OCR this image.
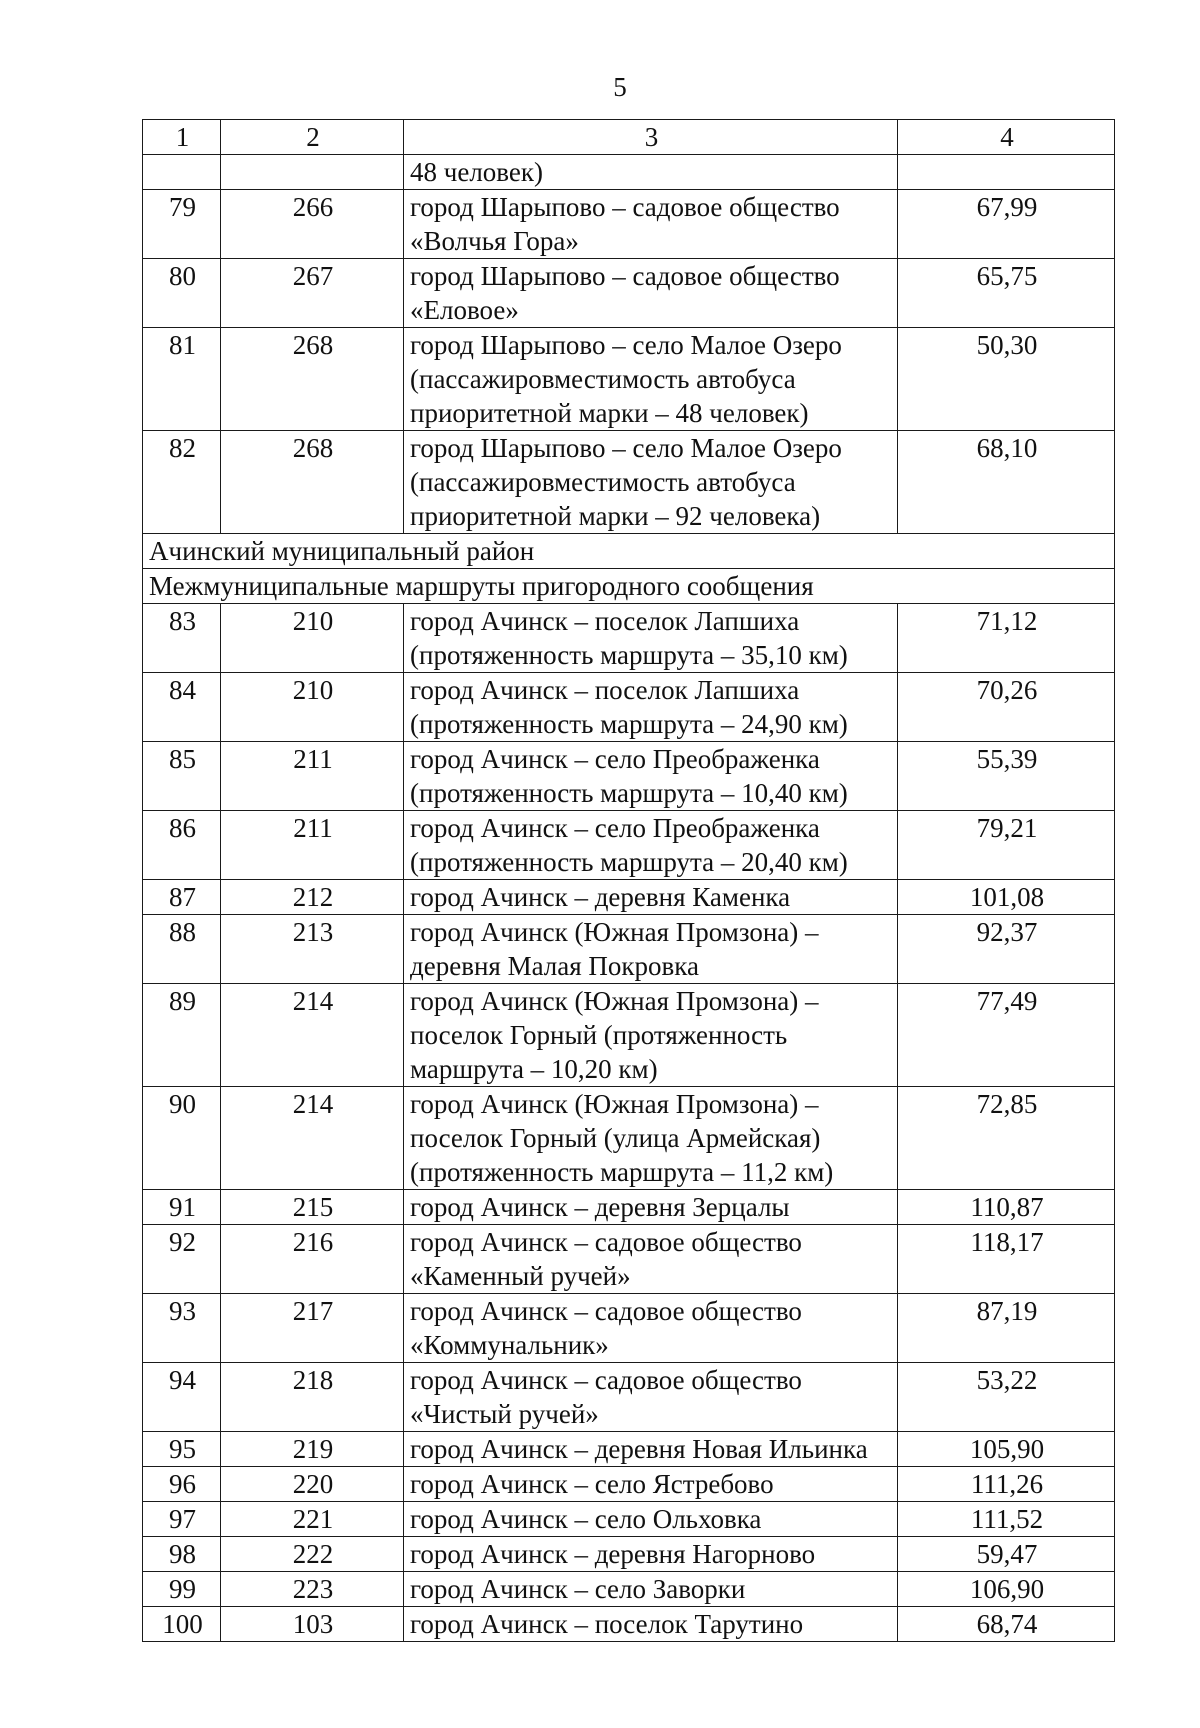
5
1	2	3	4

		48 человек)	

79	266	город Шарыпово – садовое общество
«Волчья Гора»	67,99
80	267	город Шарыпово – садовое общество
«Еловое»	65,75
81	268	город Шарыпово – село Малое Озеро
(пассажировместимость автобуса
приоритетной марки – 48 человек)	50,30
82	268	город Шарыпово – село Малое Озеро
(пассажировместимость автобуса
приоритетной марки – 92 человека)	68,10
Ачинский муниципальный район			
Межмуниципальные маршруты пригородного сообщения			
83	210	город Ачинск – поселок Лапшиха
(протяженность маршрута – 35,10 км)	71,12
84	210	город Ачинск – поселок Лапшиха
(протяженность маршрута – 24,90 км)	70,26
85	211	город Ачинск – село Преображенка
(протяженность маршрута – 10,40 км)	55,39
86	211	город Ачинск – село Преображенка
(протяженность маршрута – 20,40 км)	79,21
87	212	город Ачинск – деревня Каменка	101,08
88	213	город Ачинск (Южная Промзона) –
деревня Малая Покровка	92,37
89	214	город Ачинск (Южная Промзона) –
поселок Горный (протяженность
маршрута – 10,20 км)	77,49
90	214	город Ачинск (Южная Промзона) –
поселок Горный (улица Армейская)
(протяженность маршрута – 11,2 км)	72,85
91	215	город Ачинск – деревня Зерцалы	110,87
92	216	город Ачинск – садовое общество
«Каменный ручей»	118,17
93	217	город Ачинск – садовое общество
«Коммунальник»	87,19
94	218	город Ачинск – садовое общество
«Чистый ручей»	53,22
95	219	город Ачинск – деревня Новая Ильинка	105,90
96	220	город Ачинск – село Ястребово	111,26
97	221	город Ачинск – село Ольховка	111,52
98	222	город Ачинск – деревня Нагорново	59,47
99	223	город Ачинск – село Заворки	106,90
100	103	город Ачинск – поселок Тарутино	68,74
